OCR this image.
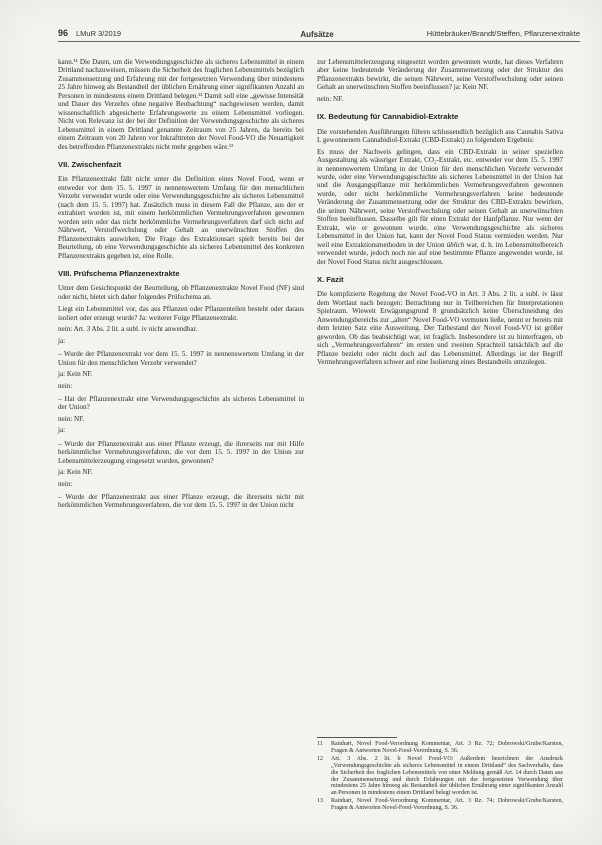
96 LMuR 3/2019	Aufsätze	Hüttebräuker/Brandt/Steffen, Pflanzenextrakte

kann.¹¹ Die Daten, um die Verwendungsgeschichte als sicheres Lebensmittel in einem Drittland nachzuweisen, müssen die Sicherheit des fraglichen Lebensmittels bezüglich Zusammensetzung und Erfahrung mit der fortgesetzten Verwendung über mindestens 25 Jahre hinweg als Bestandteil der üblichen Ernährung einer signifikanten Anzahl an Personen in mindestens einem Drittland belegen.¹² Damit soll eine „gewisse Intensität und Dauer des Verzehrs ohne negative Beobachtung“ nachgewiesen werden, damit wissenschaftlich abgesicherte Erfahrungswerte zu einem Lebensmittel vorliegen. Nicht von Relevanz ist der bei der Definition der Verwendungsgeschichte als sicheres Lebensmittel in einem Drittland genannte Zeitraum von 25 Jahren, da bereits bei einem Zeitraum von 20 Jahren vor Inkrafttreten der Novel Food-VO die Neuartigkeit des betreffenden Pflanzenextrakts nicht mehr gegeben wäre.¹³

VII. Zwischenfazit

Ein Pflanzenextrakt fällt nicht unter die Definition eines Novel Food, wenn er entweder vor dem 15. 5. 1997 in nennenswertem Umfang für den menschlichen Verzehr verwendet wurde oder eine Verwendungsgeschichte als sicheres Lebensmittel (nach dem 15. 5. 1997) hat. Zusätzlich muss in diesem Fall die Pflanze, aus der er extrahiert worden ist, mit einem herkömmlichen Vermehrungsverfahren gewonnen worden sein oder das nicht herkömmliche Vermehrungsverfahren darf sich nicht auf Nährwert, Verstoffwechslung oder Gehalt an unerwünschten Stoffen des Pflanzenextrakts auswirken. Die Frage des Extraktionsart spielt bereits bei der Beurteilung, ob eine Verwendungsgeschichte als sicheres Lebensmittel des konkreten Pflanzenextrakts gegeben ist, eine Rolle.

VIII. Prüfschema Pflanzenextrakte

Unter dem Gesichtspunkt der Beurteilung, ob Pflanzenextrakte Novel Food (NF) sind oder nicht, bietet sich daher folgendes Prüfschema an.

Liegt ein Lebensmittel vor, das aus Pflanzen oder Pflanzenteilen besteht oder daraus isoliert oder erzeugt wurde? Ja: weiterer Folge Pflanzenextrakt.

nein: Art. 3 Abs. 2 lit. a subl. iv nicht anwendbar.

ja:

– Wurde der Pflanzenextrakt vor dem 15. 5. 1997 in nennenswertem Umfang in der Union für den menschlichen Verzehr verwendet?

ja: Kein NF.

nein:

– Hat der Pflanzenextrakt eine Verwendungsgeschichte als sicheres Lebensmittel in der Union?

nein: NF.

ja:

– Wurde der Pflanzenextrakt aus einer Pflanze erzeugt, die ihrerseits nur mit Hilfe herkömmlicher Vermehrungsverfahren, die vor dem 15. 5. 1997 in der Union zur Lebensmittelerzeugung eingesetzt wurden, gewonnen?

ja: Kein NF.

nein:

– Wurde der Pflanzenextrakt aus einer Pflanze erzeugt, die ihrerseits nicht mit herkömmlichen Vermehrungsverfahren, die vor dem 15. 5. 1997 in der Union nicht

zur Lebensmittelerzeugung eingesetzt worden gewonnen wurde, hat dieses Verfahren aber keine bedeutende Veränderung der Zusammensetzung oder der Struktur des Pflanzenextrakts bewirkt, die seinen Nährwert, seine Verstoffwechslung oder seinen Gehalt an unerwünschten Stoffen beeinflussen? ja: Kein NF.

nein: NF.

IX. Bedeutung für Cannabidiol-Extrakte

Die vorstehenden Ausführungen führen schlussendlich bezüglich aus Cannabis Sativa L gewonnenem Cannabidiol-Extrakt (CBD-Extrakt) zu folgendem Ergebnis:

Es muss der Nachweis gelingen, dass ein CBD-Extrakt in seiner speziellen Ausgestaltung als wässriger Extrakt, CO₂-Extrakt, etc. entweder vor dem 15. 5. 1997 in nennenswertem Umfang in der Union für den menschlichen Verzehr verwendet wurde, oder eine Verwendungsgeschichte als sicheres Lebensmittel in der Union hat und die Ausgangspflanze mit herkömmlichen Vermehrungsverfahren gewonnen wurde, oder nicht herkömmliche Vermehrungsverfahren keine bedeutende Veränderung der Zusammensetzung oder der Struktur des CBD-Extrakts bewirken, die seinen Nährwert, seine Verstoffwechslung oder seinen Gehalt an unerwünschten Stoffen beeinflussen. Dasselbe gilt für einen Extrakt der Hanfpflanze. Nur wenn der Extrakt, wie er gewonnen wurde, eine Verwendungsgeschichte als sicheres Lebensmittel in der Union hat, kann der Novel Food Status vermieden werden. Nur weil eine Extraktionsmethoden in der Union üblich war, d. h. im Lebensmittelbereich verwendet wurde, jedoch noch nie auf eine bestimmte Pflanze angewendet wurde, ist der Novel Food Status nicht ausgeschlossen.

X. Fazit

Die komplizierte Regelung der Novel Food-VO in Art. 3 Abs. 2 lit. a subl. iv lässt dem Wortlaut nach bezogen: Betrachtung nur in Teilbereichen für Interpretationen Spielraum. Wieweit Erwägungsgrund 8 grundsätzlich keine Überschneidung des Anwendungsbereichs zur „alten“ Novel Food-VO vermuten ließe, nennt er bereits mit dem letzten Satz eine Ausweitung. Der Tatbestand der Novel Food-VO ist größer geworden. Ob das beabsichtigt war, ist fraglich. Insbesondere ist zu hinterfragen, ob sich „Vermehrungsverfahren“ im ersten und zweiten Sprachteil tatsächlich auf die Pflanze bezieht oder nicht doch auf das Lebensmittel. Allerdings ist der Begriff Vermehrungsverfahren schwer auf eine Isolierung eines Bestandteils umzulegen.

11	Rainhart, Novel Food-Verordnung Kommentar, Art. 3 Rz. 72; Dobrowski/Grube/Karsten, Fragen & Antworten Novel-Food-Verordnung, S. 36.
12	Art. 3 Abs. 2 lit. b Novel Food-VO: Außerdem bezeichnen der Ausdruck „Verwendungsgeschichte als sicheres Lebensmittel in einem Drittland“ des Sachverhalts, dass die Sicherheit des fraglichen Lebensmittels von einer Meldung gemäß Art. 14 durch Daten aus der Zusammensetzung und durch Erfahrungen mit der fortgesetzten Verwendung über mindestens 25 Jahre hinweg als Bestandteil der üblichen Ernährung einer signifikanten Anzahl an Personen in mindestens einem Drittland belegt worden ist.
13	Rainhart, Novel Food-Verordnung Kommentar, Art. 3 Rz. 74; Dobrowski/Grube/Karsten, Fragen & Antworten Novel-Food-Verordnung, S. 36.
